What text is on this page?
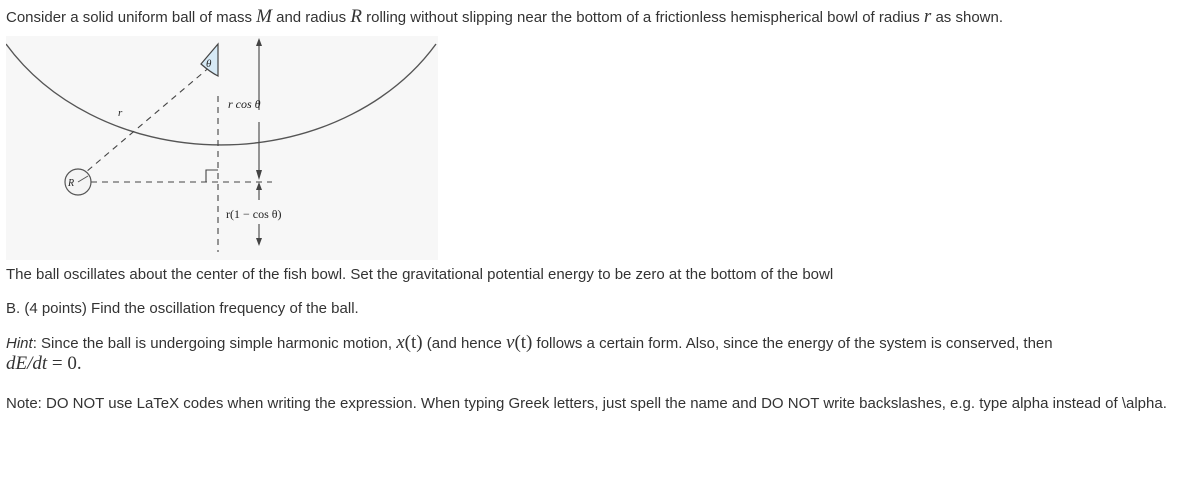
Consider a solid uniform ball of mass M and radius R rolling without slipping near the bottom of a frictionless hemispherical bowl of radius r as shown.
θ
r cos θ
r(1 − cos θ)
r
R
The ball oscillates about the center of the fish bowl. Set the gravitational potential energy to be zero at the bottom of the bowl
B. (4 points) Find the oscillation frequency of the ball.
Hint: Since the ball is undergoing simple harmonic motion, x(t) (and hence v(t) follows a certain form. Also, since the energy of the system is conserved, then
dE/dt = 0.
Note: DO NOT use LaTeX codes when writing the expression. When typing Greek letters, just spell the name and DO NOT write backslashes, e.g. type alpha instead of \alpha.
